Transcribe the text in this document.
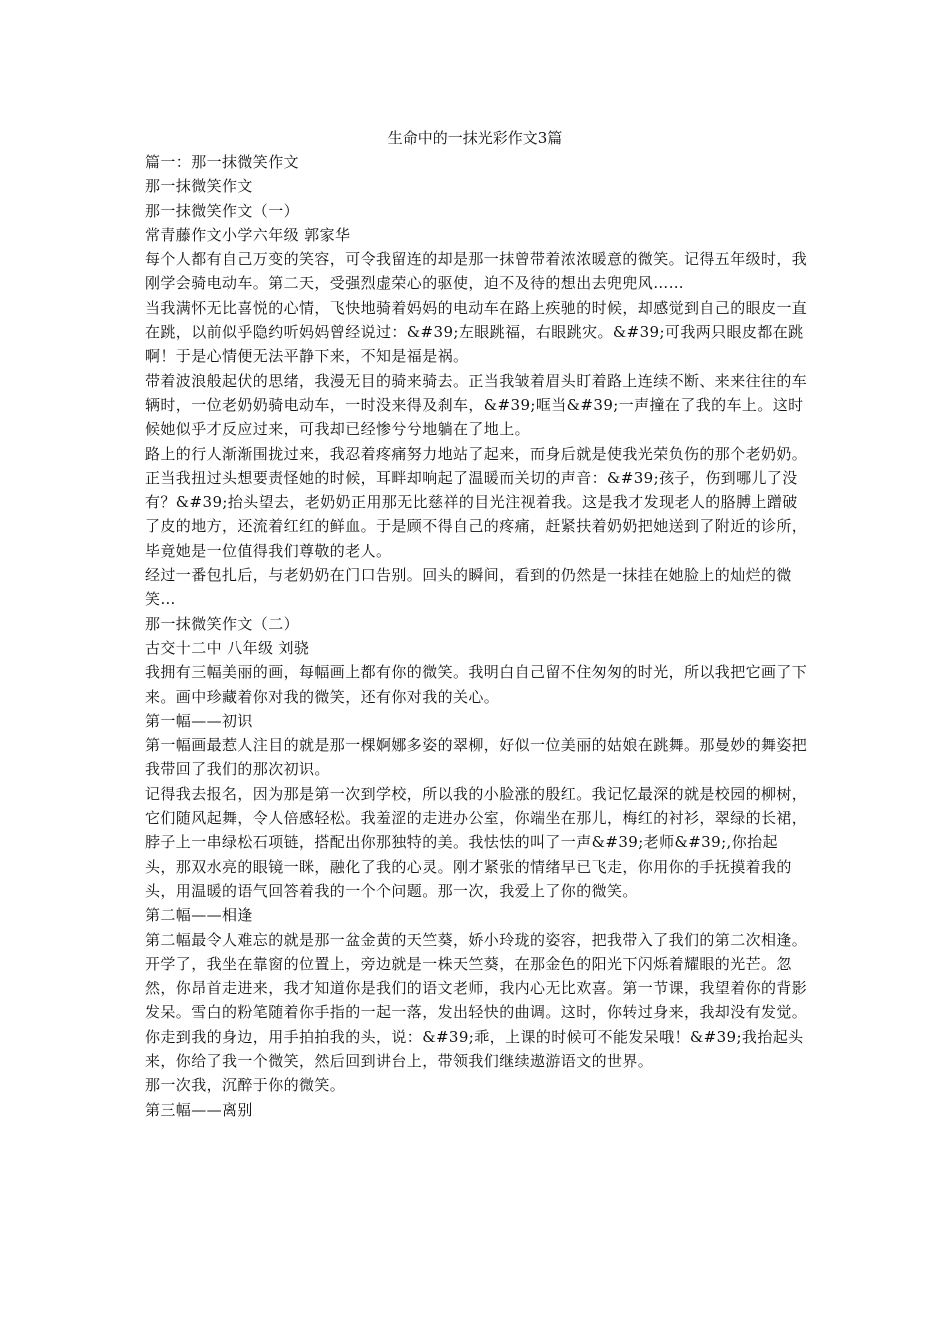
生命中的一抹光彩作文3篇

篇一：那一抹微笑作文

那一抹微笑作文

那一抹微笑作文（一）

常青藤作文小学六年级 郭家华

每个人都有自己万变的笑容，可令我留连的却是那一抹曾带着浓浓暖意的微笑。记得五年级时，我刚学会骑电动车。第二天，受强烈虚荣心的驱使，迫不及待的想出去兜兜风……

当我满怀无比喜悦的心情，飞快地骑着妈妈的电动车在路上疾驰的时候，却感觉到自己的眼皮一直在跳，以前似乎隐约听妈妈曾经说过：&#39;左眼跳福，右眼跳灾。&#39;可我两只眼皮都在跳啊！于是心情便无法平静下来，不知是福是祸。

带着波浪般起伏的思绪，我漫无目的骑来骑去。正当我皱着眉头盯着路上连续不断、来来往往的车辆时，一位老奶奶骑电动车，一时没来得及刹车，&#39;哐当&#39;一声撞在了我的车上。这时候她似乎才反应过来，可我却已经惨兮兮地躺在了地上。

路上的行人渐渐围拢过来，我忍着疼痛努力地站了起来，而身后就是使我光荣负伤的那个老奶奶。正当我扭过头想要责怪她的时候，耳畔却响起了温暖而关切的声音：&#39;孩子，伤到哪儿了没有？&#39;抬头望去，老奶奶正用那无比慈祥的目光注视着我。这是我才发现老人的胳膊上蹭破了皮的地方，还流着红红的鲜血。于是顾不得自己的疼痛，赶紧扶着奶奶把她送到了附近的诊所，毕竟她是一位值得我们尊敬的老人。

经过一番包扎后，与老奶奶在门口告别。回头的瞬间，看到的仍然是一抹挂在她脸上的灿烂的微笑…

那一抹微笑作文（二）

古交十二中 八年级 刘骁

我拥有三幅美丽的画，每幅画上都有你的微笑。我明白自己留不住匆匆的时光，所以我把它画了下来。画中珍藏着你对我的微笑，还有你对我的关心。

第一幅——初识

第一幅画最惹人注目的就是那一棵婀娜多姿的翠柳，好似一位美丽的姑娘在跳舞。那曼妙的舞姿把我带回了我们的那次初识。

记得我去报名，因为那是第一次到学校，所以我的小脸涨的殷红。我记忆最深的就是校园的柳树，它们随风起舞，令人倍感轻松。我羞涩的走进办公室，你端坐在那儿，梅红的衬衫，翠绿的长裙，脖子上一串绿松石项链，搭配出你那独特的美。我怯怯的叫了一声&#39;老师&#39;,你抬起头，那双水亮的眼镜一眯，融化了我的心灵。刚才紧张的情绪早已飞走，你用你的手抚摸着我的头，用温暖的语气回答着我的一个个问题。那一次，我爱上了你的微笑。

第二幅——相逢

第二幅最令人难忘的就是那一盆金黄的天竺葵，娇小玲珑的姿容，把我带入了我们的第二次相逢。

开学了，我坐在靠窗的位置上，旁边就是一株天竺葵，在那金色的阳光下闪烁着耀眼的光芒。忽然，你昂首走进来，我才知道你是我们的语文老师，我内心无比欢喜。第一节课，我望着你的背影发呆。雪白的粉笔随着你手指的一起一落，发出轻快的曲调。这时，你转过身来，我却没有发觉。你走到我的身边，用手拍拍我的头，说：&#39;乖，上课的时候可不能发呆哦！&#39;我抬起头来，你给了我一个微笑，然后回到讲台上，带领我们继续遨游语文的世界。

那一次我，沉醉于你的微笑。

第三幅——离别
